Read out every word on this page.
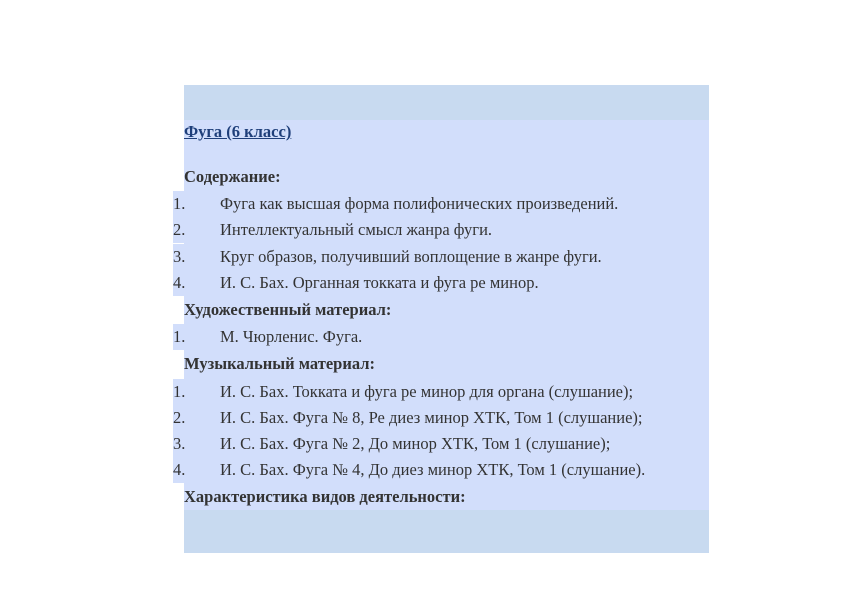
Фуга (6 класс)
Содержание:
1.	Фуга как высшая форма полифонических произведений.
2.	Интеллектуальный смысл жанра фуги.
3.	Круг образов, получивший воплощение в жанре фуги.
4.	И. С. Бах. Органная токката и фуга ре минор.
Художественный материал:
1.	М. Чюрленис. Фуга.
Музыкальный материал:
1.	И. С. Бах. Токката и фуга ре минор для органа (слушание);
2.	И. С. Бах. Фуга № 8, Ре диез минор ХТК, Том 1 (слушание);
3.	И. С. Бах. Фуга № 2, До минор ХТК, Том 1 (слушание);
4.	И. С. Бах. Фуга № 4, До диез минор ХТК, Том 1 (слушание).
Характеристика видов деятельности:
